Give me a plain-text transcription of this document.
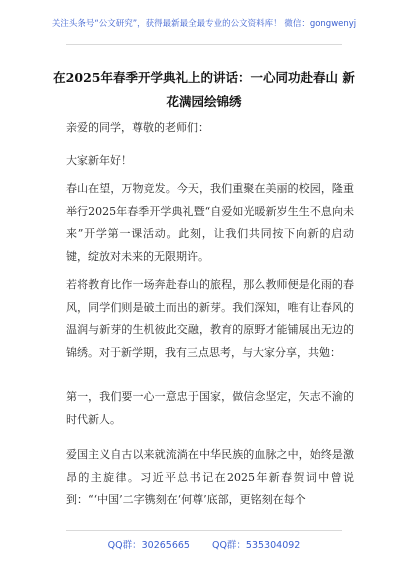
关注头条号“公文研究”，获得最新最全最专业的公文资料库！ 微信：gongwenyj
在2025年春季开学典礼上的讲话：一心同功赴春山 新花满园绘锦绣

亲爱的同学，尊敬的老师们：

大家新年好！

春山在望，万物竞发。今天，我们重聚在美丽的校园，隆重举行2025年春季开学典礼暨“自爱如光暖新岁生生不息向未来”开学第一课活动。此刻，让我们共同按下向新的启动键，绽放对未来的无限期许。

若将教育比作一场奔赴春山的旅程，那么教师便是化雨的春风，同学们则是破土而出的新芽。我们深知，唯有让春风的温润与新芽的生机彼此交融，教育的原野才能铺展出无边的锦绣。对于新学期，我有三点思考，与大家分享，共勉：

第一，我们要一心一意忠于国家，做信念坚定，矢志不渝的时代新人。

爱国主义自古以来就流淌在中华民族的血脉之中，始终是激昂的主旋律。习近平总书记在2025年新春贺词中曾说到：“‘中国’二字镌刻在‘何尊’底部，更铭刻在每个

QQ群：30265665 QQ群：535304092
